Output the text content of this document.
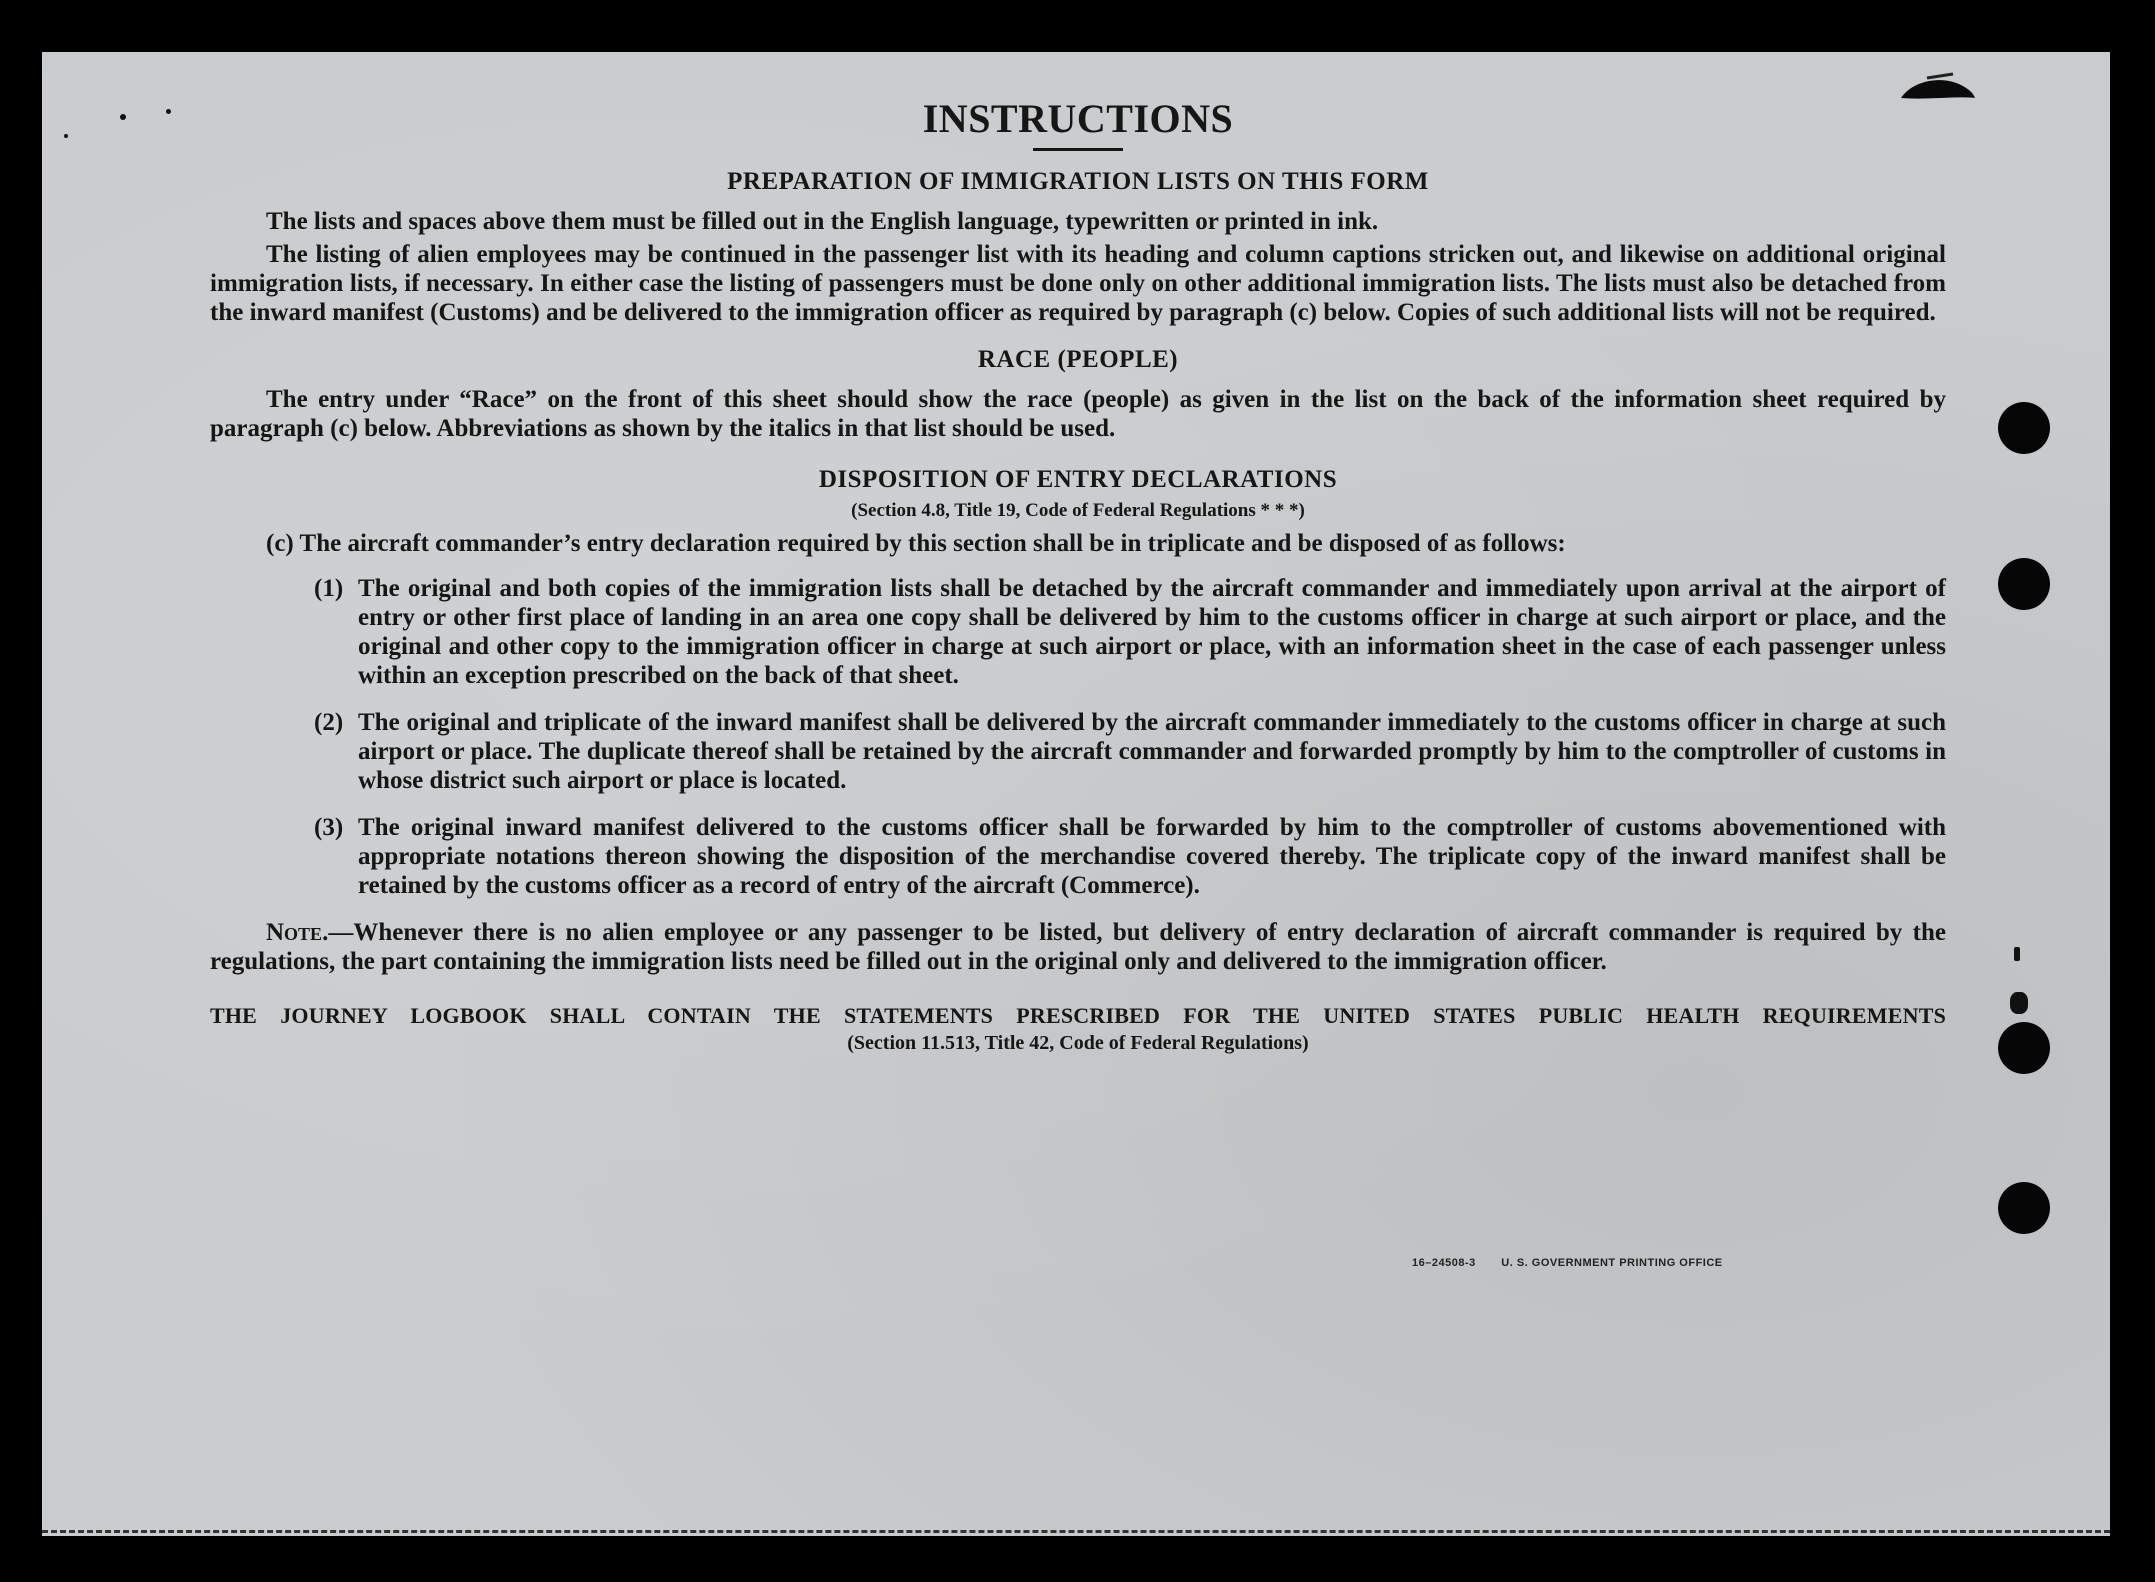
INSTRUCTIONS
PREPARATION OF IMMIGRATION LISTS ON THIS FORM

The lists and spaces above them must be filled out in the English language, typewritten or printed in ink.

The listing of alien employees may be continued in the passenger list with its heading and column captions stricken out, and likewise on additional original immigration lists, if necessary. In either case the listing of passengers must be done only on other additional immigration lists. The lists must also be detached from the inward manifest (Customs) and be delivered to the immigration officer as required by paragraph (c) below. Copies of such additional lists will not be required.

RACE (PEOPLE)

The entry under “Race” on the front of this sheet should show the race (people) as given in the list on the back of the information sheet required by paragraph (c) below. Abbreviations as shown by the italics in that list should be used.

DISPOSITION OF ENTRY DECLARATIONS
(Section 4.8, Title 19, Code of Federal Regulations * * *)

(c) The aircraft commander’s entry declaration required by this section shall be in triplicate and be disposed of as follows:

(1) The original and both copies of the immigration lists shall be detached by the aircraft commander and immediately upon arrival at the airport of entry or other first place of landing in an area one copy shall be delivered by him to the customs officer in charge at such airport or place, and the original and other copy to the immigration officer in charge at such airport or place, with an information sheet in the case of each passenger unless within an exception prescribed on the back of that sheet.
(2) The original and triplicate of the inward manifest shall be delivered by the aircraft commander immediately to the customs officer in charge at such airport or place. The duplicate thereof shall be retained by the aircraft commander and forwarded promptly by him to the comptroller of customs in whose district such airport or place is located.
(3) The original inward manifest delivered to the customs officer shall be forwarded by him to the comptroller of customs abovementioned with appropriate notations thereon showing the disposition of the merchandise covered thereby. The triplicate copy of the inward manifest shall be retained by the customs officer as a record of entry of the aircraft (Commerce).

Note.—Whenever there is no alien employee or any passenger to be listed, but delivery of entry declaration of aircraft commander is required by the regulations, the part containing the immigration lists need be filled out in the original only and delivered to the immigration officer.

THE JOURNEY LOGBOOK SHALL CONTAIN THE STATEMENTS PRESCRIBED FOR THE UNITED STATES PUBLIC HEALTH REQUIREMENTS
(Section 11.513, Title 42, Code of Federal Regulations)
16–24508-3 U. S. GOVERNMENT PRINTING OFFICE
